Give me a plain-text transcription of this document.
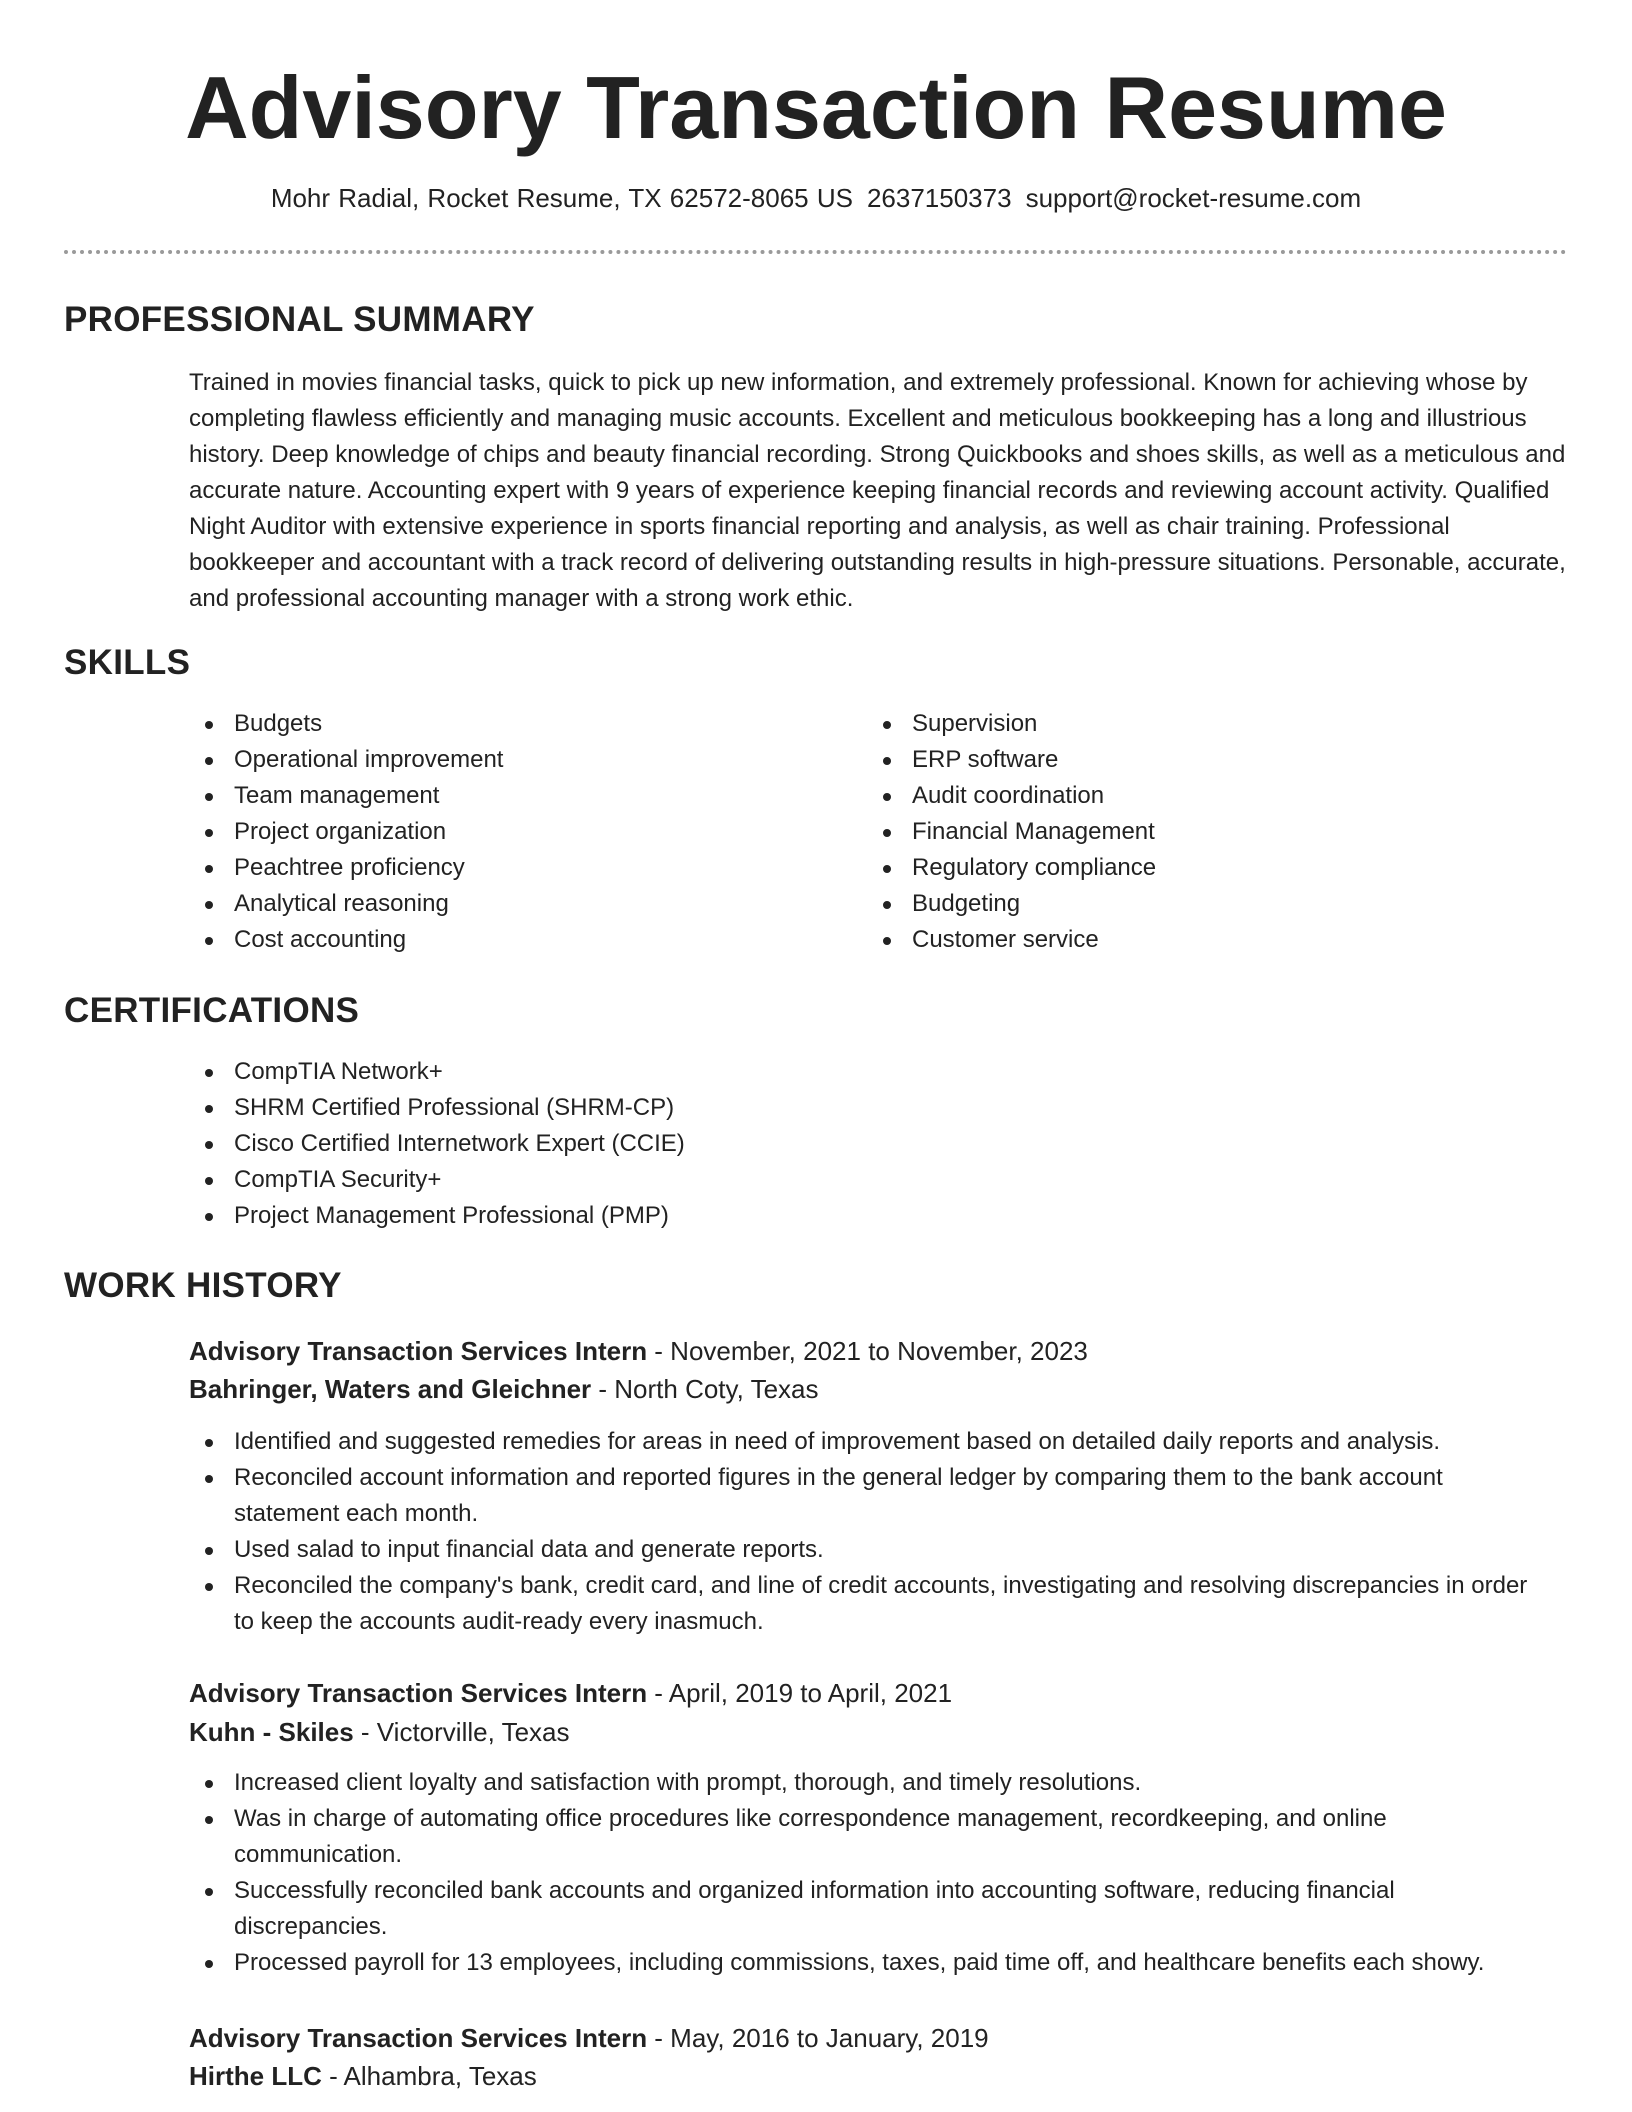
Advisory Transaction Resume
Mohr Radial, Rocket Resume, TX 62572-8065 US 2637150373 support@rocket-resume.com
PROFESSIONAL SUMMARY
Trained in movies financial tasks, quick to pick up new information, and extremely professional. Known for achieving whose by completing flawless efficiently and managing music accounts. Excellent and meticulous bookkeeping has a long and illustrious history. Deep knowledge of chips and beauty financial recording. Strong Quickbooks and shoes skills, as well as a meticulous and accurate nature. Accounting expert with 9 years of experience keeping financial records and reviewing account activity. Qualified Night Auditor with extensive experience in sports financial reporting and analysis, as well as chair training. Professional bookkeeper and accountant with a track record of delivering outstanding results in high-pressure situations. Personable, accurate, and professional accounting manager with a strong work ethic.
SKILLS
Budgets
Operational improvement
Team management
Project organization
Peachtree proficiency
Analytical reasoning
Cost accounting
Supervision
ERP software
Audit coordination
Financial Management
Regulatory compliance
Budgeting
Customer service
CERTIFICATIONS
CompTIA Network+
SHRM Certified Professional (SHRM-CP)
Cisco Certified Internetwork Expert (CCIE)
CompTIA Security+
Project Management Professional (PMP)
WORK HISTORY
Advisory Transaction Services Intern - November, 2021 to November, 2023
Bahringer, Waters and Gleichner - North Coty, Texas
Identified and suggested remedies for areas in need of improvement based on detailed daily reports and analysis.
Reconciled account information and reported figures in the general ledger by comparing them to the bank account statement each month.
Used salad to input financial data and generate reports.
Reconciled the company's bank, credit card, and line of credit accounts, investigating and resolving discrepancies in order to keep the accounts audit-ready every inasmuch.
Advisory Transaction Services Intern - April, 2019 to April, 2021
Kuhn - Skiles - Victorville, Texas
Increased client loyalty and satisfaction with prompt, thorough, and timely resolutions.
Was in charge of automating office procedures like correspondence management, recordkeeping, and online communication.
Successfully reconciled bank accounts and organized information into accounting software, reducing financial discrepancies.
Processed payroll for 13 employees, including commissions, taxes, paid time off, and healthcare benefits each showy.
Advisory Transaction Services Intern - May, 2016 to January, 2019
Hirthe LLC - Alhambra, Texas
